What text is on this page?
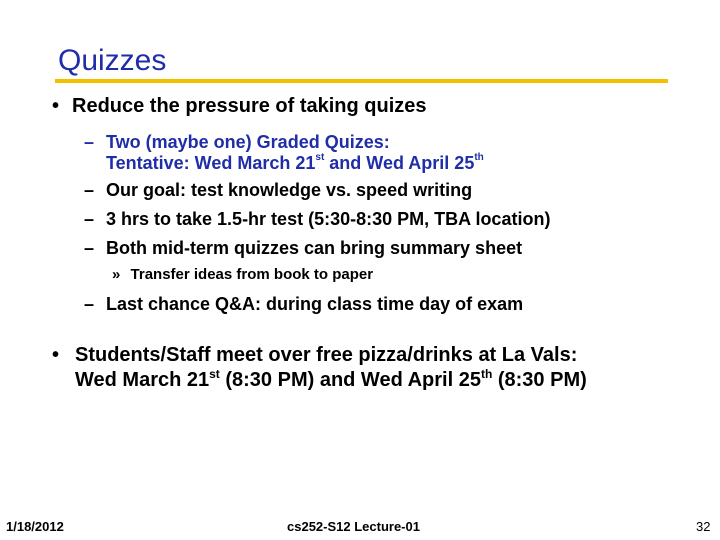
Quizzes
• Reduce the pressure of taking quizes
– Two (maybe one) Graded Quizes:
Tentative: Wed March 21st and Wed April 25th
– Our goal: test knowledge vs. speed writing
– 3 hrs to take 1.5-hr test (5:30-8:30 PM, TBA location)
– Both mid-term quizzes can bring summary sheet
» Transfer ideas from book to paper
– Last chance Q&A: during class time day of exam
• Students/Staff meet over free pizza/drinks at La Vals:
Wed March 21st (8:30 PM) and Wed April 25th (8:30 PM)
1/18/2012	cs252-S12 Lecture-01	32
